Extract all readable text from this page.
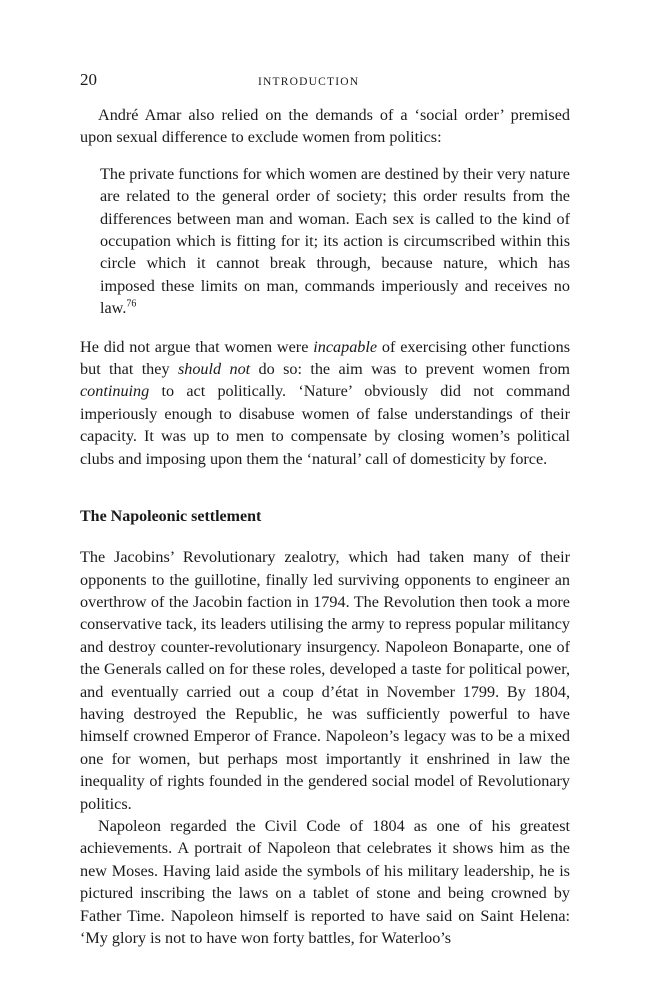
20	INTRODUCTION

André Amar also relied on the demands of a ‘social order’ premised upon sexual difference to exclude women from politics:

The private functions for which women are destined by their very nature are related to the general order of society; this order results from the differences between man and woman. Each sex is called to the kind of occupation which is fitting for it; its action is circumscribed within this circle which it cannot break through, because nature, which has imposed these limits on man, commands imperiously and receives no law.$^{76}$

He did not argue that women were incapable of exercising other functions but that they should not do so: the aim was to prevent women from continuing to act politically. ‘Nature’ obviously did not command imperiously enough to disabuse women of false understandings of their capacity. It was up to men to compensate by closing women’s political clubs and imposing upon them the ‘natural’ call of domesticity by force.

The Napoleonic settlement

The Jacobins’ Revolutionary zealotry, which had taken many of their opponents to the guillotine, finally led surviving opponents to engineer an overthrow of the Jacobin faction in 1794. The Revolution then took a more conservative tack, its leaders utilising the army to repress popular militancy and destroy counter-revolutionary insurgency. Napoleon Bonaparte, one of the Generals called on for these roles, developed a taste for political power, and eventually carried out a coup d’état in November 1799. By 1804, having destroyed the Republic, he was sufficiently powerful to have himself crowned Emperor of France. Napoleon’s legacy was to be a mixed one for women, but perhaps most importantly it enshrined in law the inequality of rights founded in the gendered social model of Revolutionary politics.

Napoleon regarded the Civil Code of 1804 as one of his greatest achievements. A portrait of Napoleon that celebrates it shows him as the new Moses. Having laid aside the symbols of his military leadership, he is pictured inscribing the laws on a tablet of stone and being crowned by Father Time. Napoleon himself is reported to have said on Saint Helena: ‘My glory is not to have won forty battles, for Waterloo’s
